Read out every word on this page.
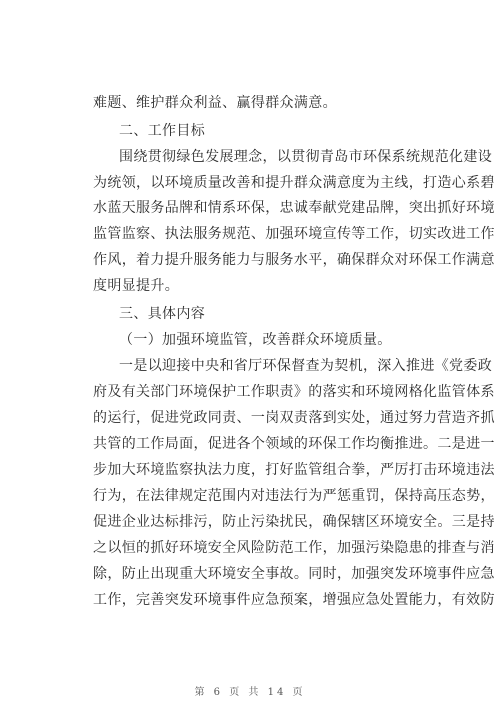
难题、维护群众利益、赢得群众满意。
二、工作目标
围绕贯彻绿色发展理念，以贯彻青岛市环保系统规范化建设
为统领，以环境质量改善和提升群众满意度为主线，打造心系碧
水蓝天服务品牌和情系环保，忠诚奉献党建品牌，突出抓好环境
监管监察、执法服务规范、加强环境宣传等工作，切实改进工作
作风，着力提升服务能力与服务水平，确保群众对环保工作满意
度明显提升。
三、具体内容
（一）加强环境监管，改善群众环境质量。
一是以迎接中央和省厅环保督查为契机，深入推进《党委政
府及有关部门环境保护工作职责》的落实和环境网格化监管体系
的运行，促进党政同责、一岗双责落到实处，通过努力营造齐抓
共管的工作局面，促进各个领域的环保工作均衡推进。二是进一
步加大环境监察执法力度，打好监管组合拳，严厉打击环境违法
行为，在法律规定范围内对违法行为严惩重罚，保持高压态势，
促进企业达标排污，防止污染扰民，确保辖区环境安全。三是持
之以恒的抓好环境安全风险防范工作，加强污染隐患的排查与消
除，防止出现重大环境安全事故。同时，加强突发环境事件应急
工作，完善突发环境事件应急预案，增强应急处置能力，有效防
第 6 页 共 14 页
